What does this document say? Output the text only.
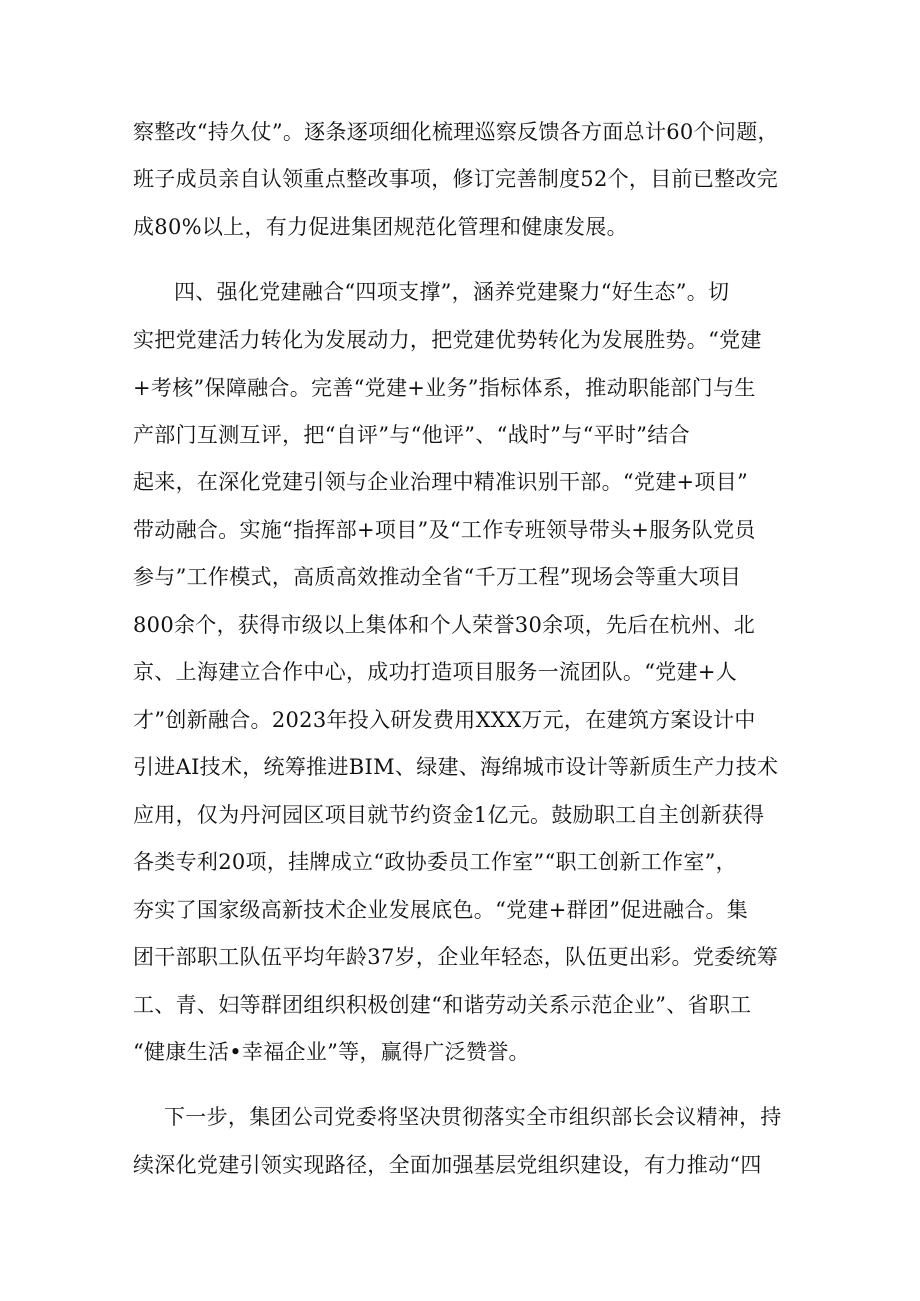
察整改“持久仗”。逐条逐项细化梳理巡察反馈各方面总计60个问题，
班子成员亲自认领重点整改事项，修订完善制度52个，目前已整改完
成80%以上，有力促进集团规范化管理和健康发展。
四、强化党建融合“四项支撑”，涵养党建聚力“好生态”。切
实把党建活力转化为发展动力，把党建优势转化为发展胜势。“党建
+考核”保障融合。完善“党建+业务”指标体系，推动职能部门与生
产部门互测互评，把“自评”与“他评”、“战时”与“平时”结合
起来，在深化党建引领与企业治理中精准识别干部。“党建+项目”
带动融合。实施“指挥部+项目”及“工作专班领导带头+服务队党员
参与”工作模式，高质高效推动全省“千万工程”现场会等重大项目
800余个，获得市级以上集体和个人荣誉30余项，先后在杭州、北
京、上海建立合作中心，成功打造项目服务一流团队。“党建+人
才”创新融合。2023年投入研发费用XXX万元，在建筑方案设计中
引进AI技术，统筹推进BIM、绿建、海绵城市设计等新质生产力技术
应用，仅为丹河园区项目就节约资金1亿元。鼓励职工自主创新获得
各类专利20项，挂牌成立“政协委员工作室”“职工创新工作室”，
夯实了国家级高新技术企业发展底色。“党建+群团”促进融合。集
团干部职工队伍平均年龄37岁，企业年轻态，队伍更出彩。党委统筹
工、青、妇等群团组织积极创建“和谐劳动关系示范企业”、省职工
“健康生活•幸福企业”等，赢得广泛赞誉。
下一步，集团公司党委将坚决贯彻落实全市组织部长会议精神，持
续深化党建引领实现路径，全面加强基层党组织建设，有力推动“四
